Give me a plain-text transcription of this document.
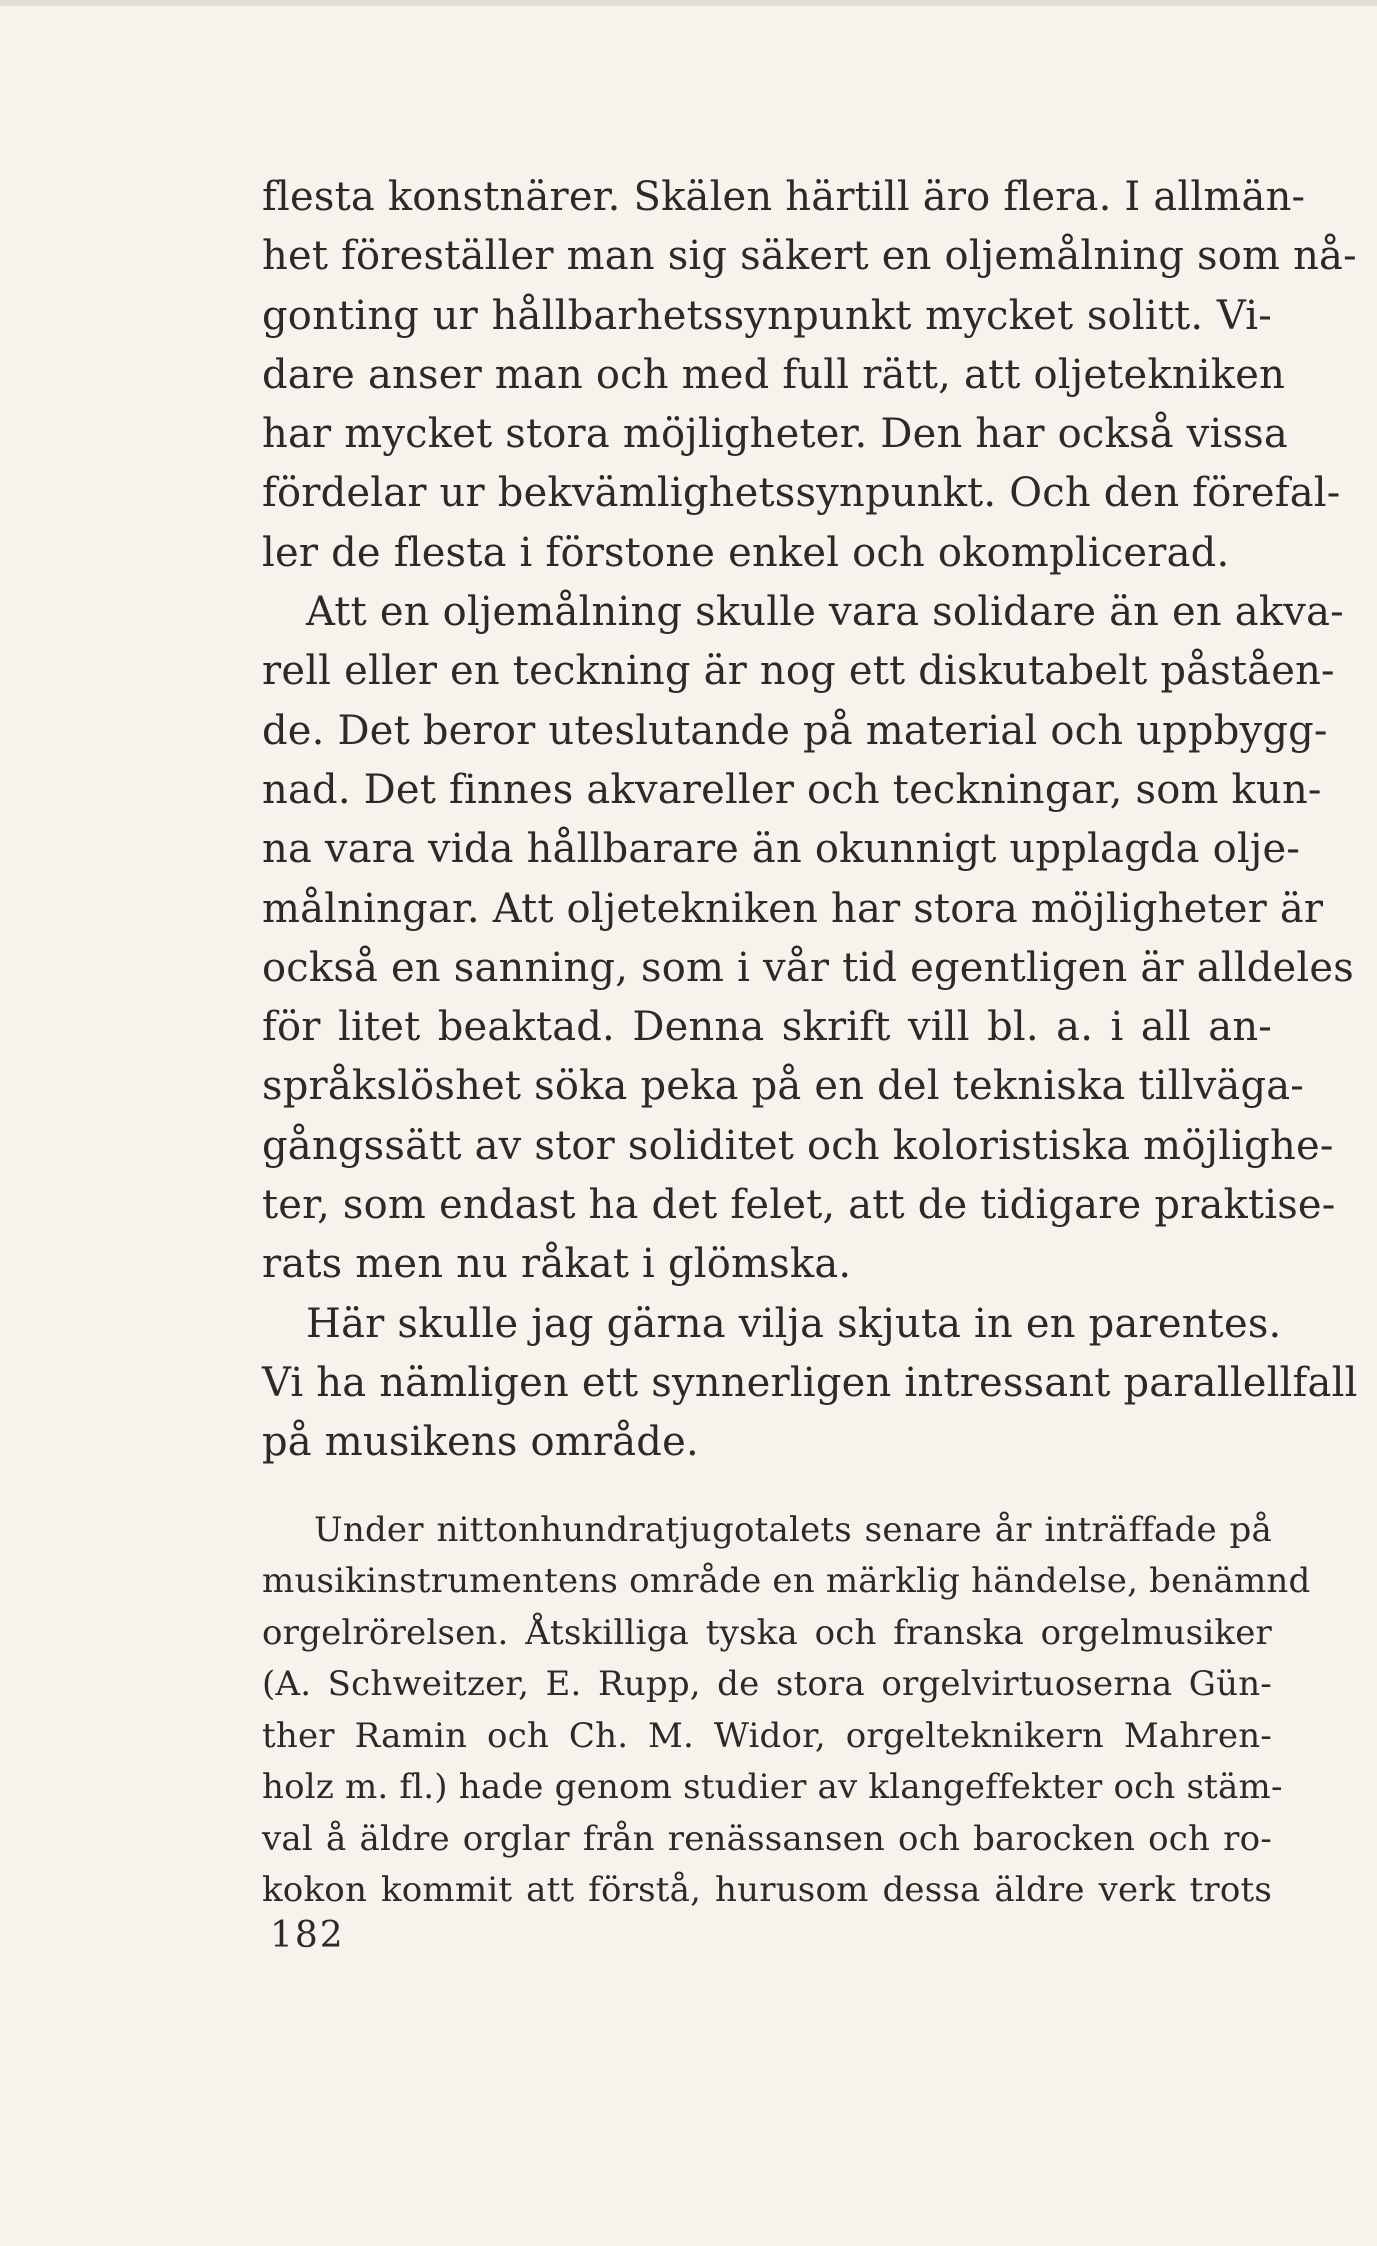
flesta konstnärer. Skälen härtill äro flera. I allmän-
het föreställer man sig säkert en oljemålning som nå-
gonting ur hållbarhetssynpunkt mycket solitt. Vi-
dare anser man och med full rätt, att oljetekniken
har mycket stora möjligheter. Den har också vissa
fördelar ur bekvämlighetssynpunkt. Och den förefal-
ler de flesta i förstone enkel och okomplicerad.

Att en oljemålning skulle vara solidare än en akva-
rell eller en teckning är nog ett diskutabelt påståen-
de. Det beror uteslutande på material och uppbygg-
nad. Det finnes akvareller och teckningar, som kun-
na vara vida hållbarare än okunnigt upplagda olje-
målningar. Att oljetekniken har stora möjligheter är
också en sanning, som i vår tid egentligen är alldeles
för litet beaktad. Denna skrift vill bl. a. i all an-
språkslöshet söka peka på en del tekniska tillväga-
gångssätt av stor soliditet och koloristiska möjlighe-
ter, som endast ha det felet, att de tidigare praktise-
rats men nu råkat i glömska.

Här skulle jag gärna vilja skjuta in en parentes.
Vi ha nämligen ett synnerligen intressant parallellfall
på musikens område.

Under nittonhundratjugotalets senare år inträffade på
musikinstrumentens område en märklig händelse, benämnd
orgelrörelsen. Åtskilliga tyska och franska orgelmusiker
(A. Schweitzer, E. Rupp, de stora orgelvirtuoserna Gün-
ther Ramin och Ch. M. Widor, orgelteknikern Mahren-
holz m. fl.) hade genom studier av klangeffekter och stäm-
val å äldre orglar från renässansen och barocken och ro-
kokon kommit att förstå, hurusom dessa äldre verk trots

182
